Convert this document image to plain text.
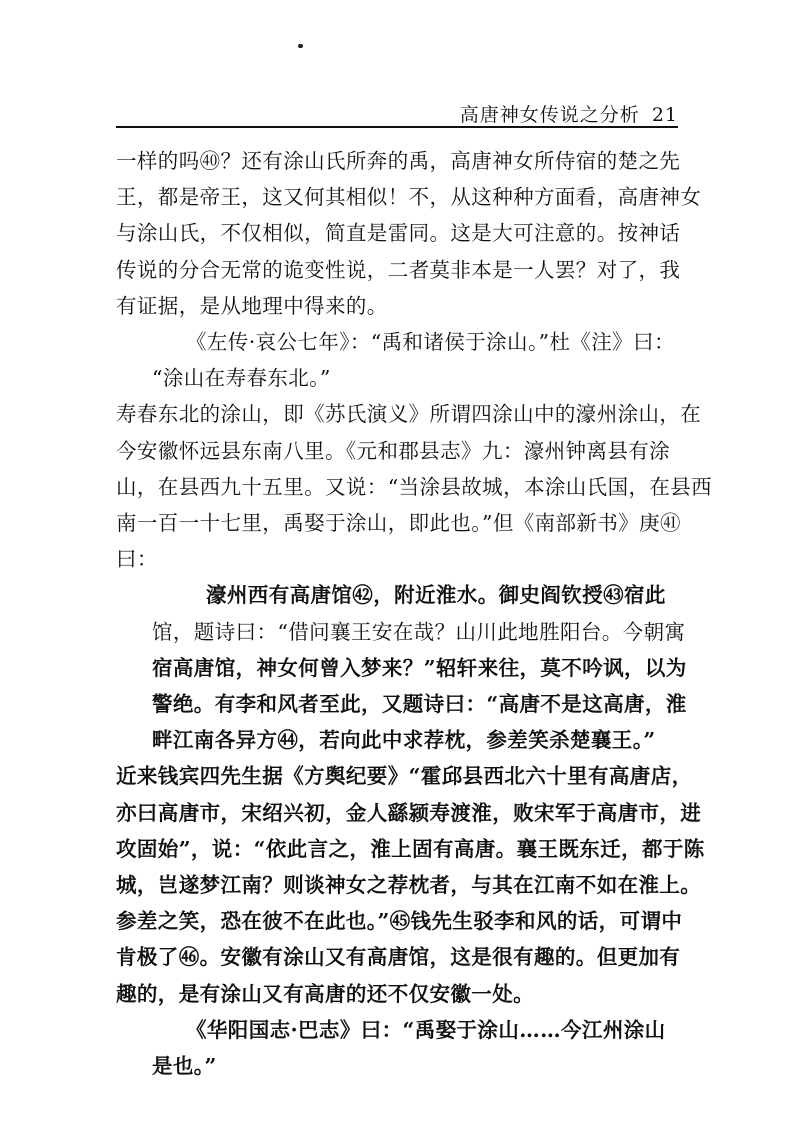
高唐神女传说之分析 21

一样的吗㊵？还有涂山氏所奔的禹，高唐神女所侍宿的楚之先

王，都是帝王，这又何其相似！不，从这种种方面看，高唐神女

与涂山氏，不仅相似，简直是雷同。这是大可注意的。按神话

传说的分合无常的诡变性说，二者莫非本是一人罢？对了，我

有证据，是从地理中得来的。

《左传·哀公七年》：“禹和诸侯于涂山。”杜《注》曰：

“涂山在寿春东北。”

寿春东北的涂山，即《苏氏演义》所谓四涂山中的濠州涂山，在

今安徽怀远县东南八里。《元和郡县志》九：濠州钟离县有涂

山，在县西九十五里。又说：“当涂县故城，本涂山氏国，在县西

南一百一十七里，禹娶于涂山，即此也。”但《南部新书》庚㊶

曰：

濠州西有高唐馆㊷，附近淮水。御史阎钦授㊸宿此

馆，题诗曰：“借问襄王安在哉？山川此地胜阳台。今朝寓

宿高唐馆，神女何曾入梦来？”轺轩来往，莫不吟讽，以为

警绝。有李和风者至此，又题诗曰：“高唐不是这高唐，淮

畔江南各异方㊹，若向此中求荐枕，参差笑杀楚襄王。”

近来钱宾四先生据《方舆纪要》“霍邱县西北六十里有高唐店，

亦曰高唐市，宋绍兴初，金人繇颍寿渡淮，败宋军于高唐市，进

攻固始”，说：“依此言之，淮上固有高唐。襄王既东迁，都于陈

城，岂遂梦江南？则谈神女之荐枕者，与其在江南不如在淮上。

参差之笑，恐在彼不在此也。”㊺钱先生驳李和风的话，可谓中

肯极了㊻。安徽有涂山又有高唐馆，这是很有趣的。但更加有

趣的，是有涂山又有高唐的还不仅安徽一处。

《华阳国志·巴志》曰：“禹娶于涂山……今江州涂山

是也。”
